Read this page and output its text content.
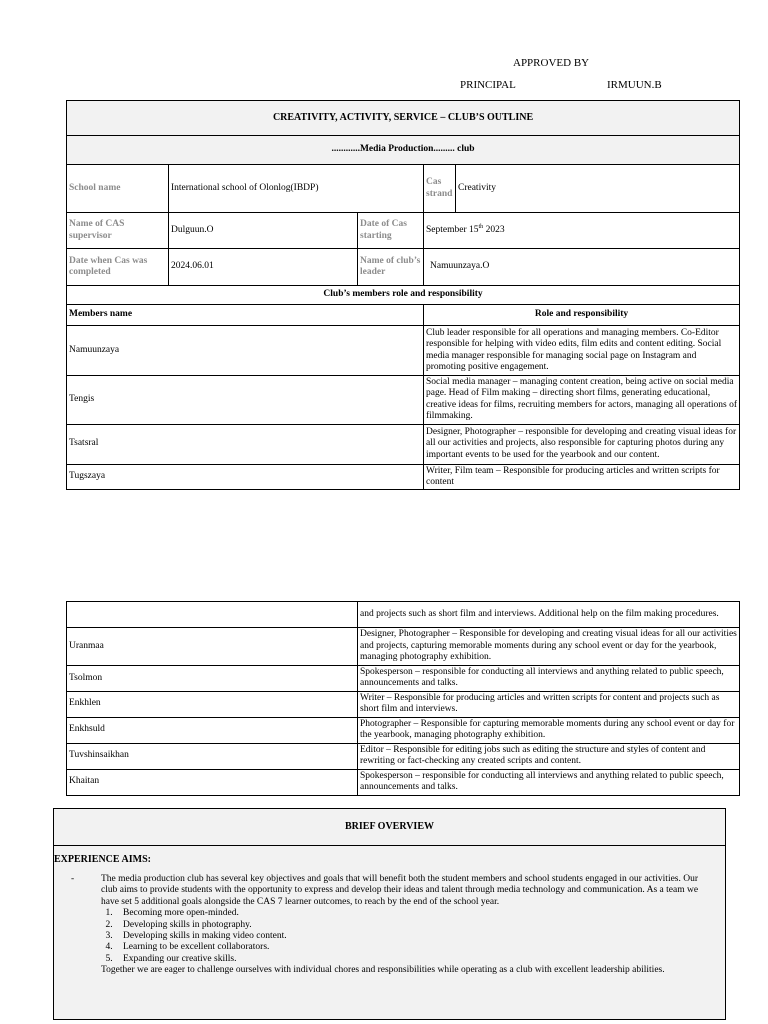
APPROVED BY
PRINCIPAL	IRMUUN.B
CREATIVITY, ACTIVITY, SERVICE – CLUB’S OUTLINE				
............Media Production......... club				
School name	International school of Olonlog(IBDP)		Cas strand	Creativity
Name of CAS supervisor	Dulguun.O	Date of Cas starting	September 15th 2023	
Date when Cas was completed	2024.06.01	Name of club’s leader	Namuunzaya.O	
Club’s members role and responsibility				
Members name			Role and responsibility	
Namuunzaya			Club leader responsible for all operations and managing members. Co-Editor responsible for helping with video edits, film edits and content editing. Social media manager responsible for managing social page on Instagram and promoting positive engagement.	
Tengis			Social media manager – managing content creation, being active on social media page. Head of Film making – directing short films, generating educational, creative ideas for films, recruiting members for actors, managing all operations of filmmaking.	
Tsatsral			Designer, Photographer – responsible for developing and creating visual ideas for all our activities and projects, also responsible for capturing photos during any important events to be used for the yearbook and our content.	
Tugszaya			Writer, Film team – Responsible for producing articles and written scripts for content	
	and projects such as short film and interviews. Additional help on the film making procedures.
Uranmaa	Designer, Photographer – Responsible for developing and creating visual ideas for all our activities and projects, capturing memorable moments during any school event or day for the yearbook, managing photography exhibition.
Tsolmon	Spokesperson – responsible for conducting all interviews and anything related to public speech, announcements and talks.
Enkhlen	Writer – Responsible for producing articles and written scripts for content and projects such as short film and interviews.
Enkhsuld	Photographer – Responsible for capturing memorable moments during any school event or day for the yearbook, managing photography exhibition.
Tuvshinsaikhan	Editor – Responsible for editing jobs such as editing the structure and styles of content and rewriting or fact-checking any created scripts and content.
Khaitan	Spokesperson – responsible for conducting all interviews and anything related to public speech, announcements and talks.
BRIEF OVERVIEW
EXPERIENCE AIMS:
-	The media production club has several key objectives and goals that will benefit both the student members and school students engaged in our activities. Our club aims to provide students with the opportunity to express and develop their ideas and talent through media technology and communication. As a team we have set 5 additional goals alongside the CAS 7 learner outcomes, to reach by the end of the school year.
1. Becoming more open-minded.
2. Developing skills in photography.
3. Developing skills in making video content.
4. Learning to be excellent collaborators.
5. Expanding our creative skills.
Together we are eager to challenge ourselves with individual chores and responsibilities while operating as a club with excellent leadership abilities.
